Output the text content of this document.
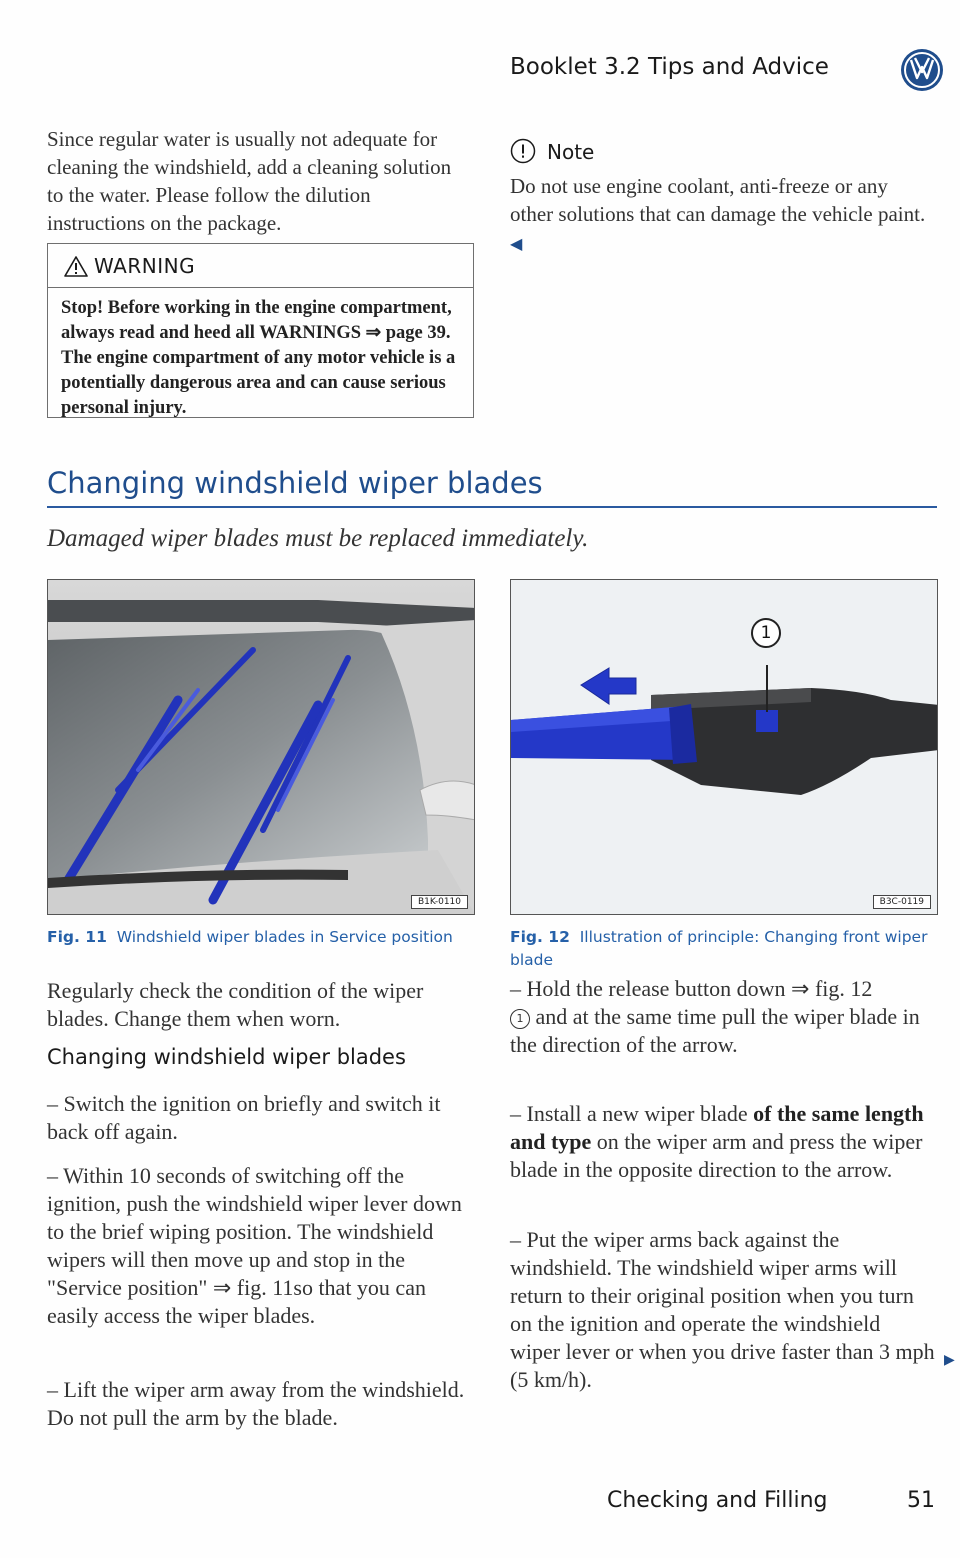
Booklet 3.2 Tips and Advice
Since regular water is usually not adequate for cleaning the windshield, add a cleaning solution to the water. Please follow the dilution instructions on the package.
WARNING
Stop! Before working in the engine compartment, always read and heed all WARNINGS ⇒ page 39. The engine compartment of any motor vehicle is a potentially dangerous area and can cause serious personal injury.
Note
Do not use engine coolant, anti-freeze or any other solutions that can damage the vehicle paint. ◀
Changing windshield wiper blades
Damaged wiper blades must be replaced immediately.
B1K-0110
Fig. 11 Windshield wiper blades in Service position
1
B3C-0119
Fig. 12 Illustration of principle: Changing front wiper blade
Regularly check the condition of the wiper blades. Change them when worn.
Changing windshield wiper blades
– Switch the ignition on briefly and switch it back off again.
– Within 10 seconds of switching off the ignition, push the windshield wiper lever down to the brief wiping position. The windshield wipers will then move up and stop in the "Service position" ⇒ fig. 11so that you can easily access the wiper blades.
– Lift the wiper arm away from the windshield. Do not pull the arm by the blade.
– Hold the release button down ⇒ fig. 12
1 and at the same time pull the wiper blade in the direction of the arrow.
– Install a new wiper blade of the same length and type on the wiper arm and press the wiper blade in the opposite direction to the arrow.
– Put the wiper arms back against the windshield. The windshield wiper arms will return to their original position when you turn on the ignition and operate the windshield wiper lever or when you drive faster than 3 mph (5 km/h).
▶
Checking and Filling	51
